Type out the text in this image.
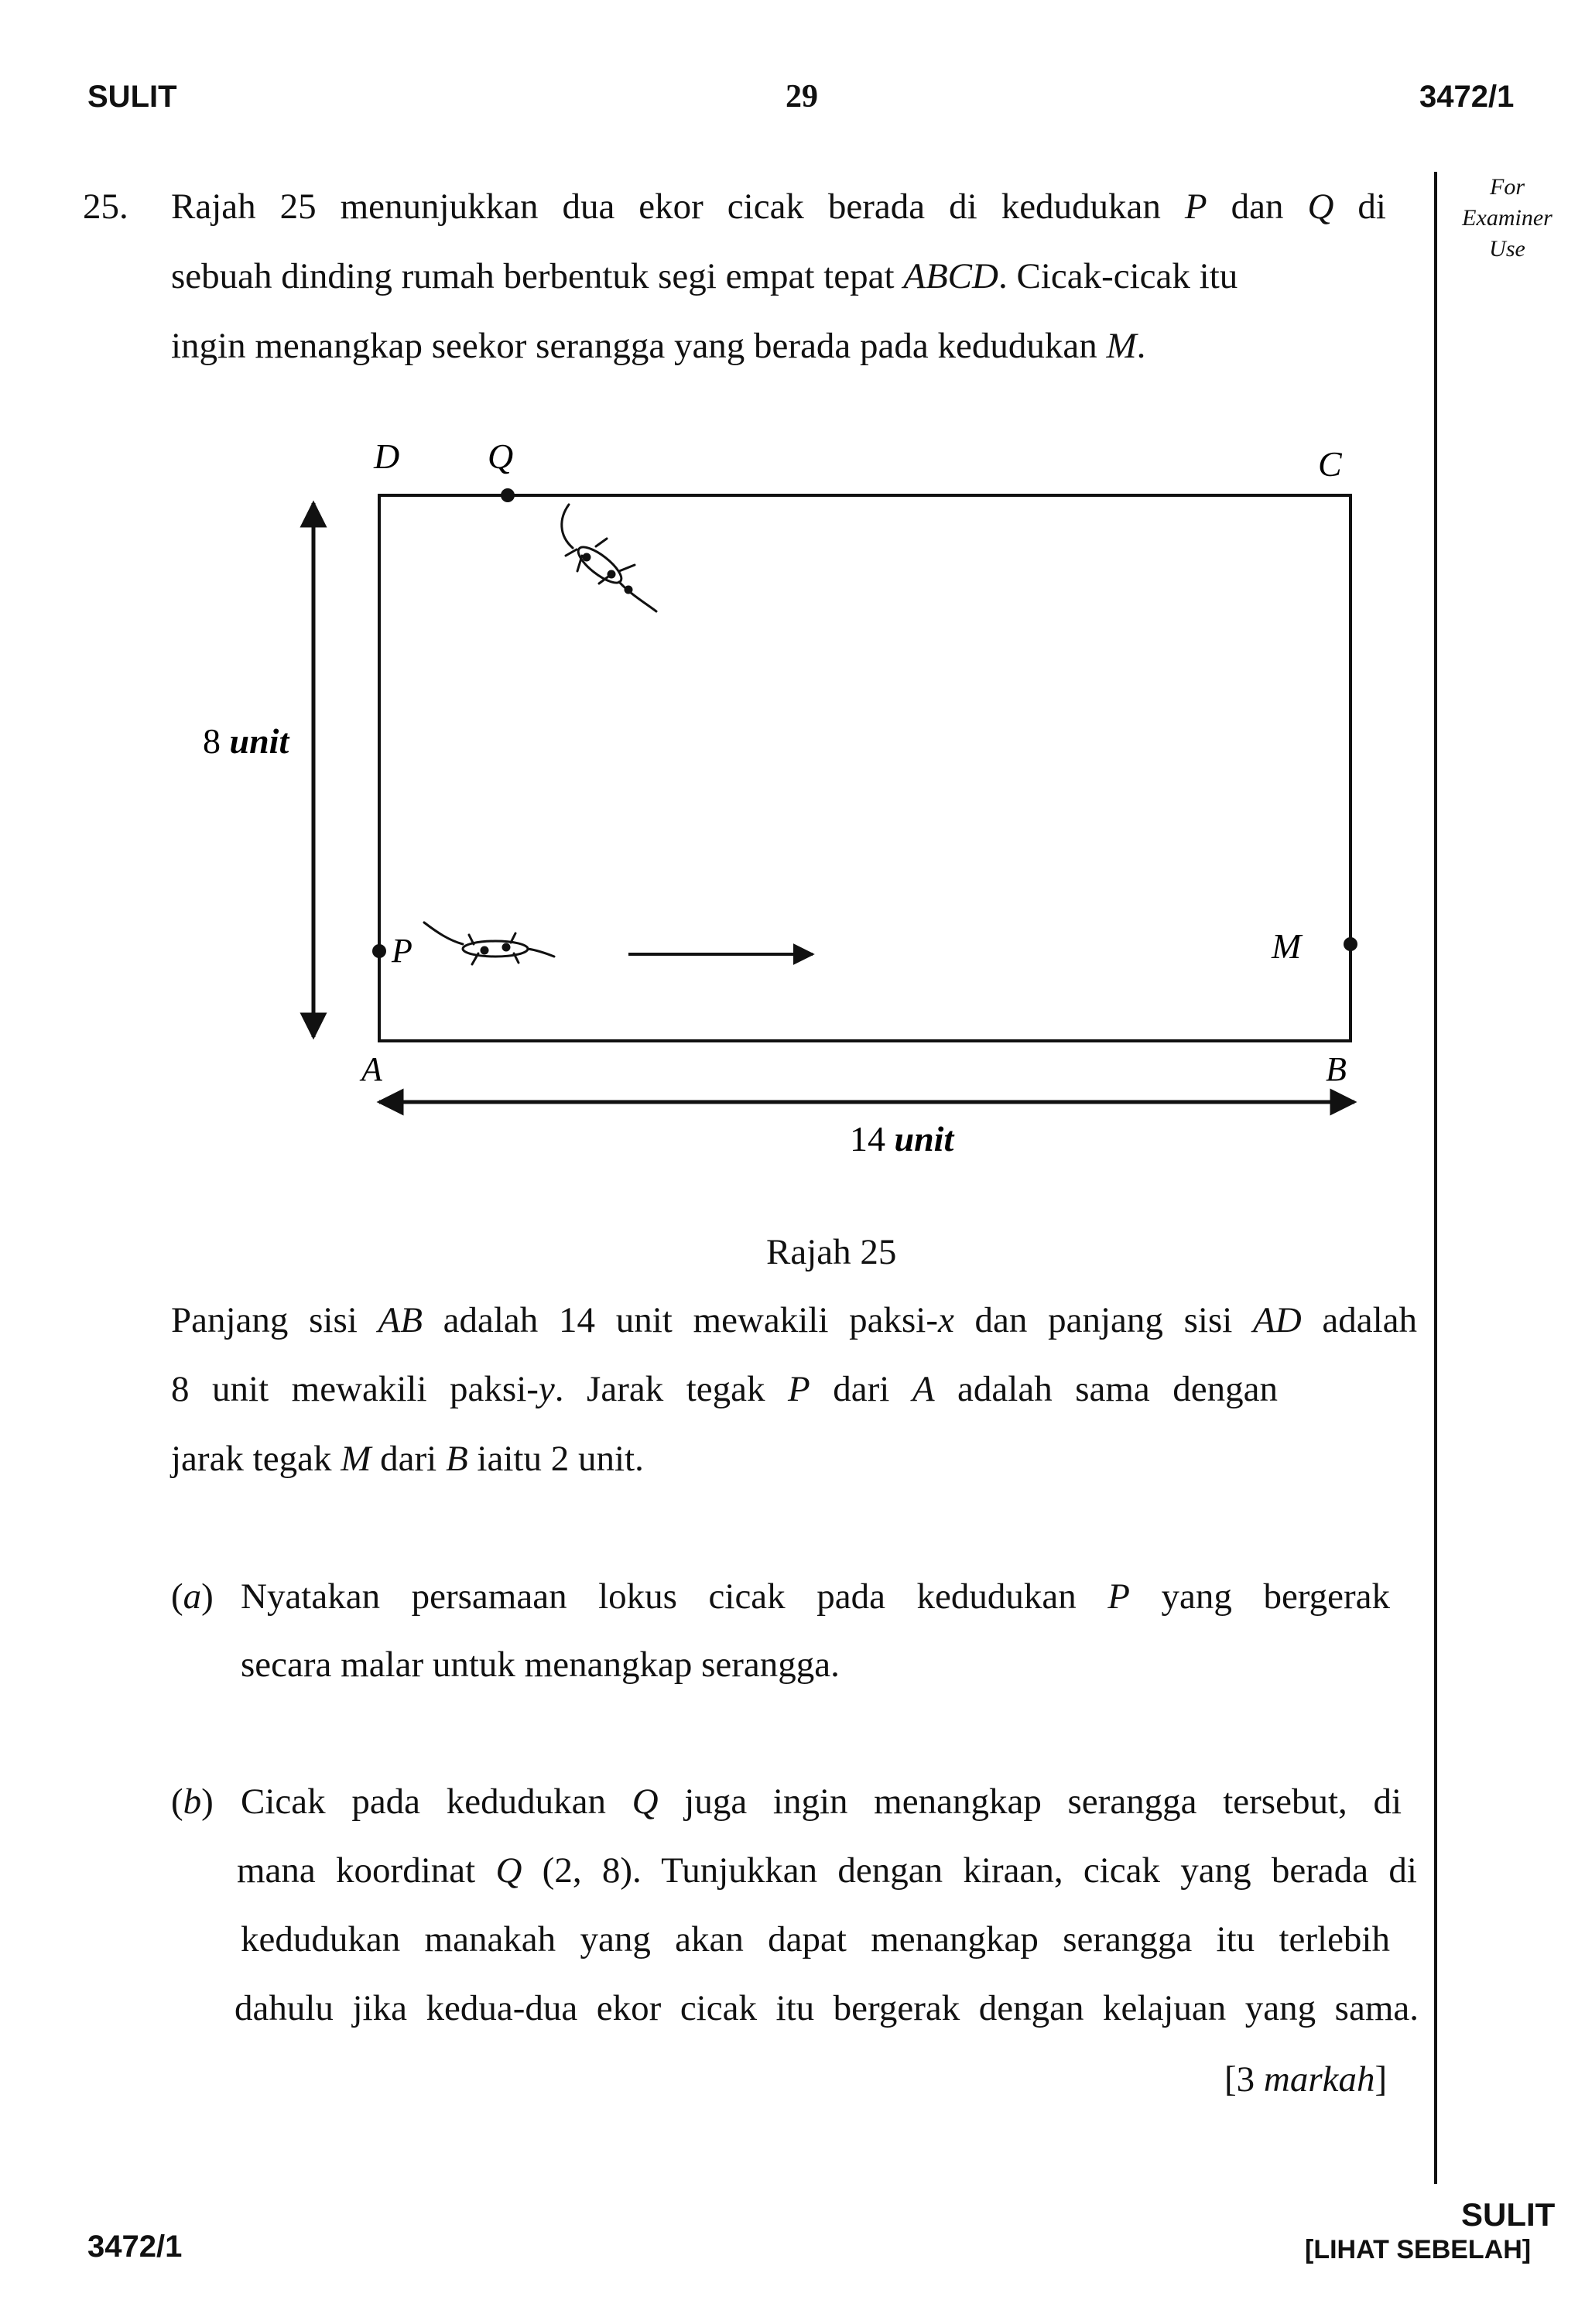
SULIT	29	3472/1
For
Examiner
Use
25. Rajah 25 menunjukkan dua ekor cicak berada di kedudukan P dan Q di
sebuah dinding rumah berbentuk segi empat tepat ABCD. Cicak-cicak itu
ingin menangkap seekor serangga yang berada pada kedudukan M.
D Q	C
P	M
A	B
8 unit
14 unit
Rajah 25
Panjang sisi AB adalah 14 unit mewakili paksi-x dan panjang sisi AD adalah
8 unit mewakili paksi-y. Jarak tegak P dari A adalah sama dengan
jarak tegak M dari B iaitu 2 unit.
(a) Nyatakan persamaan lokus cicak pada kedudukan P yang bergerak
secara malar untuk menangkap serangga.
(b) Cicak pada kedudukan Q juga ingin menangkap serangga tersebut, di
mana koordinat Q (2, 8). Tunjukkan dengan kiraan, cicak yang berada di
kedudukan manakah yang akan dapat menangkap serangga itu terlebih
dahulu jika kedua-dua ekor cicak itu bergerak dengan kelajuan yang sama.
[3 markah]
3472/1
SULIT
[LIHAT SEBELAH]
